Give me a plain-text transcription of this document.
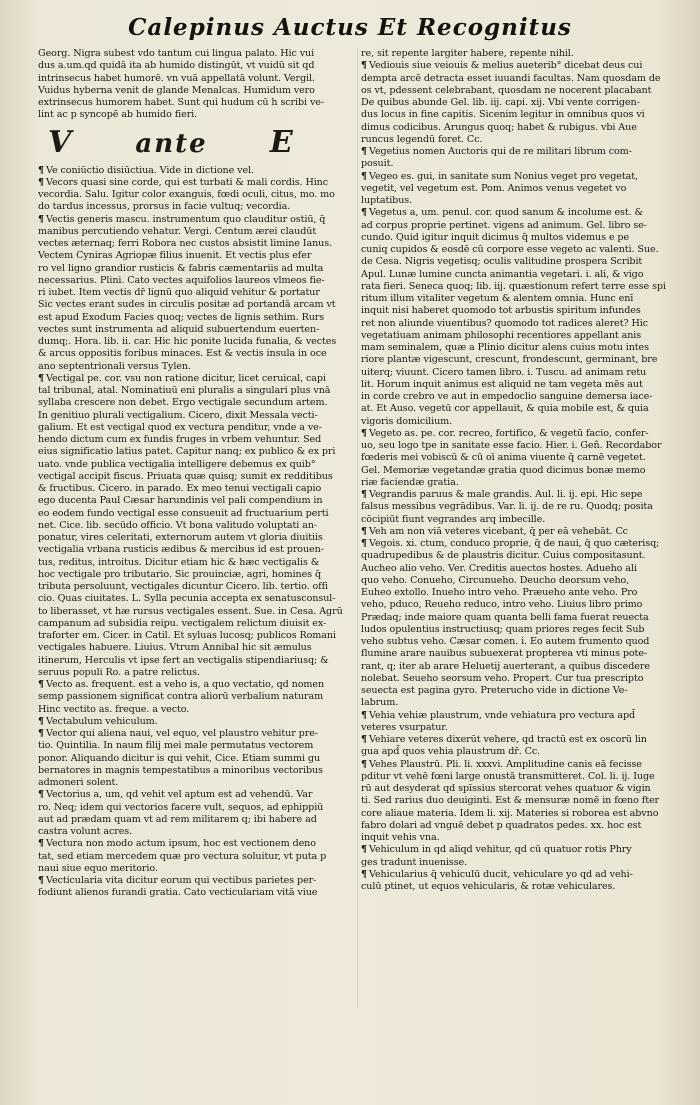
Calepinus Auctus Et Recognitus

Georg. Nigra subest vdo tantum cui lingua palato. Hic vui

dus a.um.qd quidā ita ab humido distingūt, vt vuidū sit qd

intrinsecus habet humorē. vn vuā appellatā volunt. Vergil.

Vuidus hyberna venit de glande Menalcas. Humidum vero

extrinsecus humorem habet. Sunt qui hudum cū h scribi ve-

lint ac p syncopē ab humido fieri.

V ante E

¶ Ve coniūctio disiūctiua. Vide in dictione vel.

¶ Vecors quasi sine corde, qui est turbati & mali cordis. Hinc

vecordia. Salu. Igitur color exanguis, fœdi oculi, citus, mo. mo

do tardus incessus, prorsus in facie vultuq; vecordia.

¶ Vectis generis mascu. instrumentum quo clauditur ostiū, q̄

manibus percutiendo vehatur. Vergi. Centum ærei claudūt

vectes æternaq; ferri Robora nec custos absistit limine Ianus.

Vectem Cyniras Agriopæ filius inuenit. Et vectis plus efer

ro vel ligno grandior rusticis & fabris cæmentariis ad multa

necessarius. Plini. Cato vectes aquifolios laureos vlmeos fie-

ri iubet. Item vectis dr̄ lignū quo aliquid vehitur & portatur

Sic vectes erant sudes in circulis positæ ad portandā arcam vt

est apud Exodum Facies quoq; vectes de lignis sethim. Rurs

vectes sunt instrumenta ad aliquid subuertendum euerten-

dumq;. Hora. lib. ii. car. Hic hic ponite lucida funalia, & vectes

& arcus oppositis foribus minaces. Est & vectis insula in oce

ano septentrionali versus Tylen.

¶ Vectigal pe. cor. vsu non ratione dicitur, licet ceruical, capi

tal tribunal, atal. Nominatiuū eni pluralis a singulari plus vnā

syllaba crescere non debet. Ergo vectigale secundum artem.

In genitiuo plurali vectigalium. Cicero, dixit Messala vecti-

galium. Et est vectigal quod ex vectura penditur, vnde a ve-

hendo dictum cum ex fundis fruges in vrbem vehuntur. Sed

eius significatio latius patet. Capitur nanq; ex publico & ex pri

uato. vnde publica vectigalia intelligere debemus ex quib°

vectigal accipit fiscus. Priuata quæ quisq; sumit ex redditibus

& fructibus. Cicero. in parado. Ex meo tenui vectigali capio

ego ducenta Paul Cæsar harundinis vel pali compendium in

eo eodem fundo vectigal esse consueuit ad fructuarium perti

net. Cice. lib. secūdo officio. Vt bona valitudo voluptati an-

ponatur, vires celeritati, externorum autem vt gloria diuitiis

vectigalia vrbana rusticis ædibus & mercibus id est prouen-

tus, reditus, introitus. Dicitur etiam hic & hæc vectigalis &

hoc vectigale pro tributario. Sic prouinciæ, agri, homines q̄

tributa persoluunt, vectigales dicuntur Cicero. lib. tertio. offi

cio. Quas ciuitates. L. Sylla pecunia accepta ex senatusconsul-

to liberasset, vt hæ rursus vectigales essent. Sue. in Cesa. Agrū

campanum ad subsidia reipu. vectigalem relictum diuisit ex-

traforter em. Cicer. in Catil. Et syluas lucosq; publicos Romani

vectigales habuere. Liuius. Vtrum Annibal hic sit æmulus

itinerum, Herculis vt ipse fert an vectigalis stipendiariusq; &

seruus populi Ro. a patre relictus.

¶ Vecto as. frequent. est a veho is, a quo vectatio, qd nomen

semp passionem significat contra aliorū verbalium naturam

Hinc vectito as. freque. a vecto.

¶ Vectabulum vehiculum.

¶ Vector qui aliena naui, vel equo, vel plaustro vehitur pre-

tio. Quintilia. In naum filij mei male permutatus vectorem

ponor. Aliquando dicitur is qui vehit, Cice. Etiam summi gu

bernatores in magnis tempestatibus a minoribus vectoribus

admoneri solent.

¶ Vectorius a, um, qd vehit vel aptum est ad vehendū. Var

ro. Neq; idem qui vectorios facere vult, sequos, ad ephippiū

aut ad prædam quam vt ad rem militarem q; ibi habere ad

castra volunt acres.

¶ Vectura non modo actum ipsum, hoc est vectionem deno

tat, sed etiam mercedem quæ pro vectura soluitur, vt puta p

naui siue equo meritorio.

¶ Vecticularia vita dicitur eorum qui vectibus parietes per-

fodiunt alienos furandi gratia. Cato vecticulariam vitā viue

re, sit repente largiter habere, repente nihil.

¶ Vediouis siue veiouis & melius aueterib° dicebat deus cui

dempta arcē detracta esset iuuandi facultas. Nam quosdam de

os vt, pdessent celebrabant, quosdam ne nocerent placabant

De quibus abunde Gel. lib. iij. capi. xij. Vbi vente corrigen-

dus locus in fine capitis. Sicenim legitur in omnibus quos vi

dimus codicibus. Arungus quoq; habet & rubigus. vbi Aue

runcus legendū foret. Cc.

¶ Vegetius nomen Auctoris qui de re militari librum com-

posuit.

¶ Vegeo es. gui, in sanitate sum Nonius veget pro vegetat,

vegetit, vel vegetum est. Pom. Animos venus vegetet vo

luptatibus.

¶ Vegetus a, um. penul. cor. quod sanum & incolume est. &

ad corpus proprie pertinet. vigens ad animum. Gel. libro se-

cundo. Quid igitur inquit dicimus q̄ multos videmus e pe

cuniq cupidos & eosdē cū corpore esse vegeto ac valenti. Sue.

de Cesa. Nigris vegetisq; oculis valitudine prospera Scribit

Apul. Lunæ lumine cuncta animantia vegetari. i. ali, & vigo

rata fieri. Seneca quoq; lib. iij. quæstionum refert terre esse spi

ritum illum vitaliter vegetum & alentem omnia. Hunc enī

inquit nisi haberet quomodo tot arbustis spiritum infundes

ret non aliunde viuentibus? quomodo tot radices aleret? Hic

vegetatiuam animam philosophi recentiores appellant anis

mam seminalem, quæ a Plinio dicitur alens cuius motu intes

riore plantæ vigescunt, crescunt, frondescunt, germinant, bre

uiterq; viuunt. Cicero tamen libro. i. Tuscu. ad animam retu

lit. Horum inquit animus est aliquid ne tam vegeta mēs aut

in corde crebro ve aut in empedoclio sanguine demersa iace-

at. Et Auso. vegetū cor appellauit, & quia mobile est, & quia

vigoris domicilium.

¶ Vegeto as. pe. cor. recreo, fortifico, & vegetū facio, confer-

uo, seu logo tpe in sanitate esse facio. Hier. i. Geñ. Recordabor

fœderis mei vobiscū & cū oī anima viuente q̄ carnē vegetet.

Gel. Memoriæ vegetandæ gratia quod dicimus bonæ memo

riæ faciendæ gratia.

¶ Vegrandis paruus & male grandis. Aul. li. ij. epi. Hic sepe

falsus messibus vegrādibus. Var. li. ij. de re ru. Quodq; posita

cōcipiūt fiunt vegrandes arq imbecille.

¶ Veh am non viā veteres vicebant, q̄ per eā vehebāt. Cc

¶ Vegois. xi. ctum, conduco proprie, q̄ de naui, q̄ quo cæterisq;

quadrupedibus & de plaustris dicitur. Cuius compositasunt.

Aucheo alio veho. Ver. Creditis auectos hostes. Adueho ali

quo veho. Conueho, Circunueho. Deucho deorsum veho,

Euheo extollo. Inueho intro veho. Præueho ante veho. Pro

veho, pduco, Reueho reduco, intro veho. Liuius libro primo

Prædaq; inde maiore quam quanta belli fama fuerat reuecta

ludos opulentius instructiusq; quam priores reges fecit Sub

veho subtus veho. Cæsar comen. i. Eo autem frumento quod

flumine arare nauibus subuexerat propterea vti minus pote-

rant, q; iter ab arare Heluetij auerterant, a quibus discedere

nolebat. Seueho seorsum veho. Propert. Cur tua prescripto

seuecta est pagina gyro. Preterucho vide in dictione Ve-

labrum.

¶ Vehia vehiæ plaustrum, vnde vehiatura pro vectura apd̄

veteres vsurpatur.

¶ Vehiare veteres dixerūt vehere, qd tractū est ex oscorū lin

gua apd̄ quos vehia plaustrum dr̄. Cc.

¶ Vehes Plaustrū. Pli. li. xxxvi. Amplitudine canis eā fecisse

pditur vt vehē fœni large onustā transmitteret. Col. li. ij. Iuge

rū aut desyderat qd spīssius stercorat vehes quatuor & vigin

ti. Sed rarius duo deuiginti. Est & mensuræ nomē in fœno fter

core aliaue materia. Idem li. xij. Materies si roborea est abvno

fabro dolari ad vnguē debet p quadratos pedes. xx. hoc est

inquit vehis vna.

¶ Vehiculum in qd aliqd vehitur, qd cū quatuor rotis Phry

ges tradunt inuenisse.

¶ Vehicularius q̄ vehiculū ducit, vehiculare yo qd ad vehi-

culū ptinet, ut equos vehicularis, & rotæ vehiculares.
